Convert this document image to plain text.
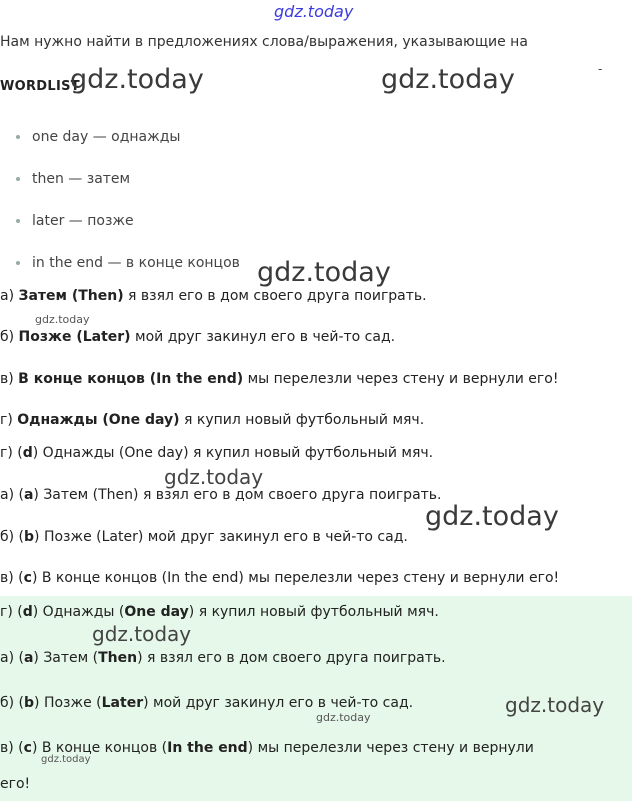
gdz.today
Нам нужно найти в предложениях слова/выражения, указывающие на
WORDLIST
gdz.today	gdz.today	-
one day — однажды
then — затем
later — позже
in the end — в конце концов gdz.today
а) Затем (Then) я взял его в дом своего друга поиграть.
gdz.today
б) Позже (Later) мой друг закинул его в чей-то сад.
в) В конце концов (In the end) мы перелезли через стену и вернули его!
г) Однажды (One day) я купил новый футбольный мяч.
г) (d) Однажды (One day) я купил новый футбольный мяч.
gdz.today
а) (a) Затем (Then) я взял его в дом своего друга поиграть.
gdz.today
б) (b) Позже (Later) мой друг закинул его в чей-то сад.
в) (c) В конце концов (In the end) мы перелезли через стену и вернули его!
г) (d) Однажды (One day) я купил новый футбольный мяч.
gdz.today
а) (a) Затем (Then) я взял его в дом своего друга поиграть.
б) (b) Позже (Later) мой друг закинул его в чей-то сад.	gdz.today
gdz.today
в) (c) В конце концов (In the end) мы перелезли через стену и вернули
gdz.today
его!
